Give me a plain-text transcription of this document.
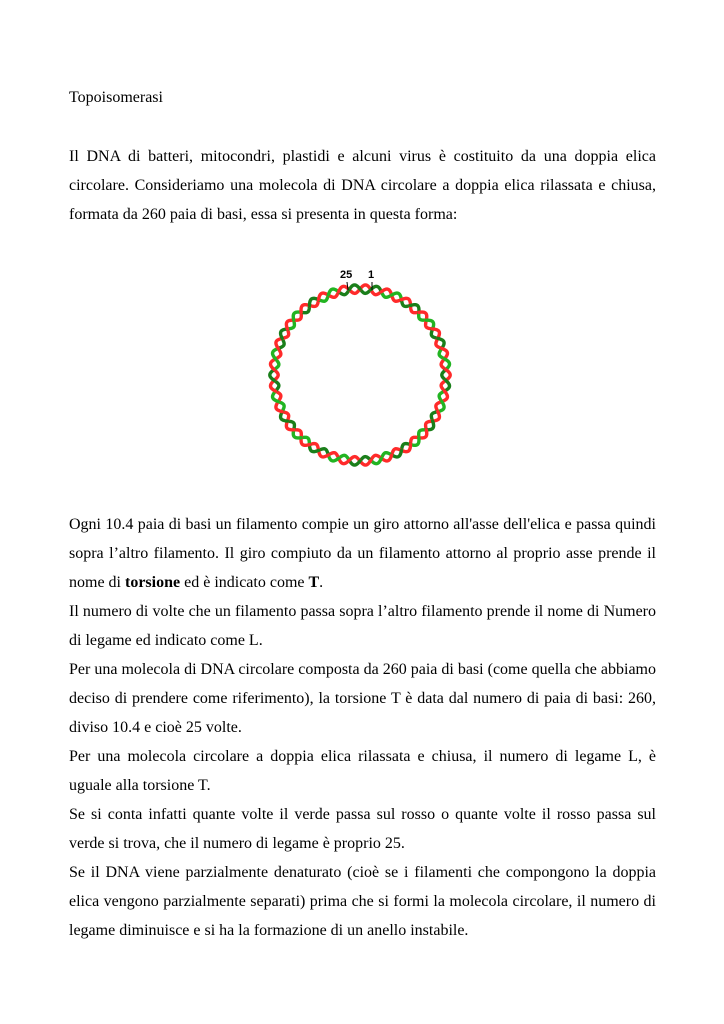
Topoisomerasi

Il DNA di batteri, mitocondri, plastidi e alcuni virus è costituito da una doppia elica circolare. Consideriamo una molecola di DNA circolare a doppia elica rilassata e chiusa, formata da 260 paia di basi, essa si presenta in questa forma:

25 1

Ogni 10.4 paia di basi un filamento compie un giro attorno all'asse dell'elica e passa quindi sopra l’altro filamento. Il giro compiuto da un filamento attorno al proprio asse prende il nome di torsione ed è indicato come T.

Il numero di volte che un filamento passa sopra l’altro filamento prende il nome di Numero di legame ed indicato come L.

Per una molecola di DNA circolare composta da 260 paia di basi (come quella che abbiamo deciso di prendere come riferimento), la torsione T è data dal numero di paia di basi: 260, diviso 10.4 e cioè 25 volte.

Per una molecola circolare a doppia elica rilassata e chiusa, il numero di legame L, è uguale alla torsione T.

Se si conta infatti quante volte il verde passa sul rosso o quante volte il rosso passa sul verde si trova, che il numero di legame è proprio 25.

Se il DNA viene parzialmente denaturato (cioè se i filamenti che compongono la doppia elica vengono parzialmente separati) prima che si formi la molecola circolare, il numero di legame diminuisce e si ha la formazione di un anello instabile.
